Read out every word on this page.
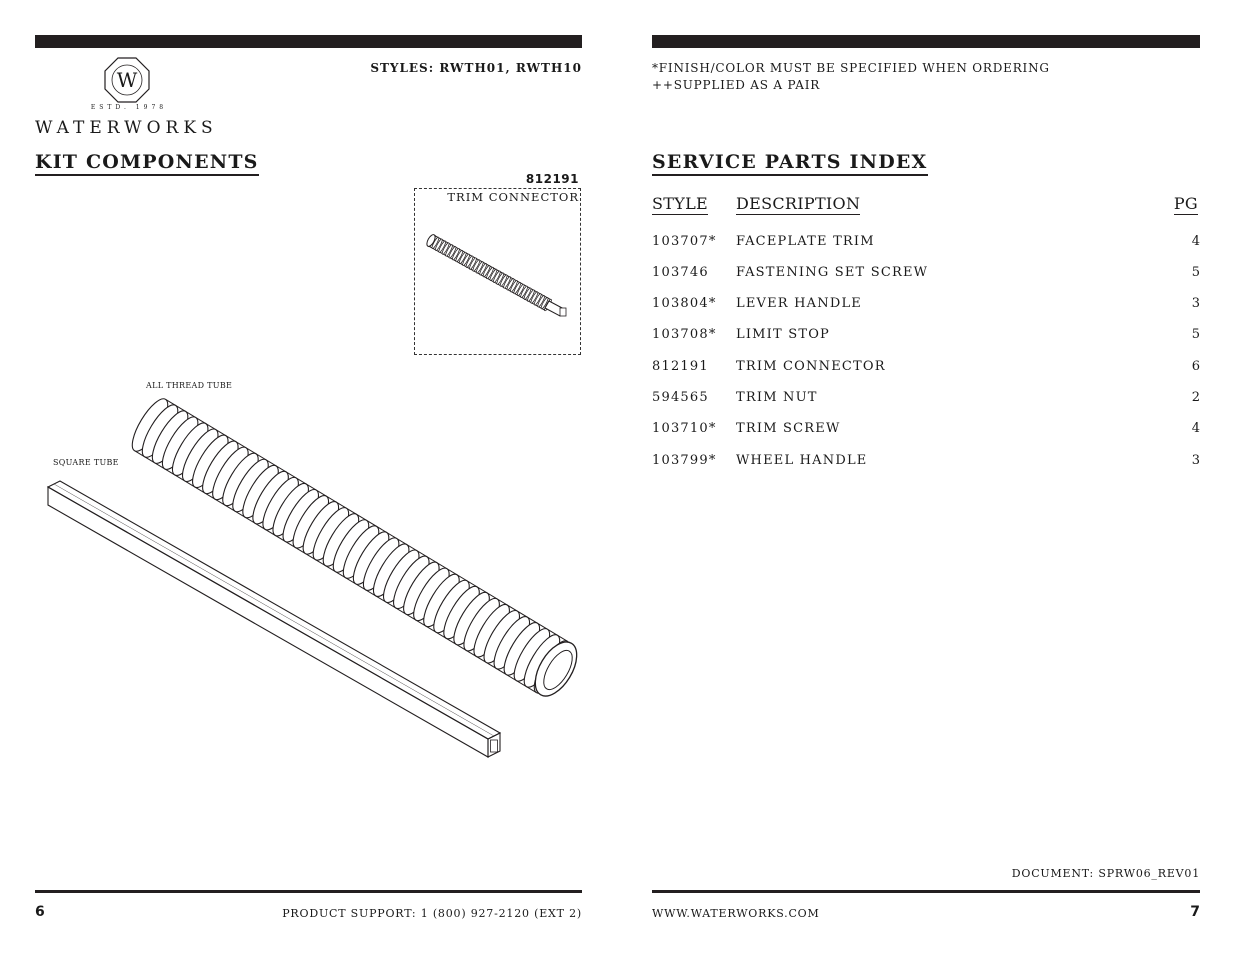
W
ESTD. 1978
WATERWORKS
STYLES: RWTH01, RWTH10	*FINISH/COLOR MUST BE SPECIFIED WHEN ORDERING
++SUPPLIED AS A PAIR
KIT COMPONENTS
812191
TRIM CONNECTOR
ALL THREAD TUBE
SQUARE TUBE
SERVICE PARTS INDEX
STYLE DESCRIPTION	PG
103707* FACEPLATE TRIM	4
103746 FASTENING SET SCREW	5
103804* LEVER HANDLE	3
103708* LIMIT STOP	5
812191 TRIM CONNECTOR	6
594565 TRIM NUT	2
103710* TRIM SCREW	4
103799* WHEEL HANDLE	3
DOCUMENT: SPRW06_REV01
6	PRODUCT SUPPORT: 1 (800) 927-2120 (EXT 2)	WWW.WATERWORKS.COM	7
